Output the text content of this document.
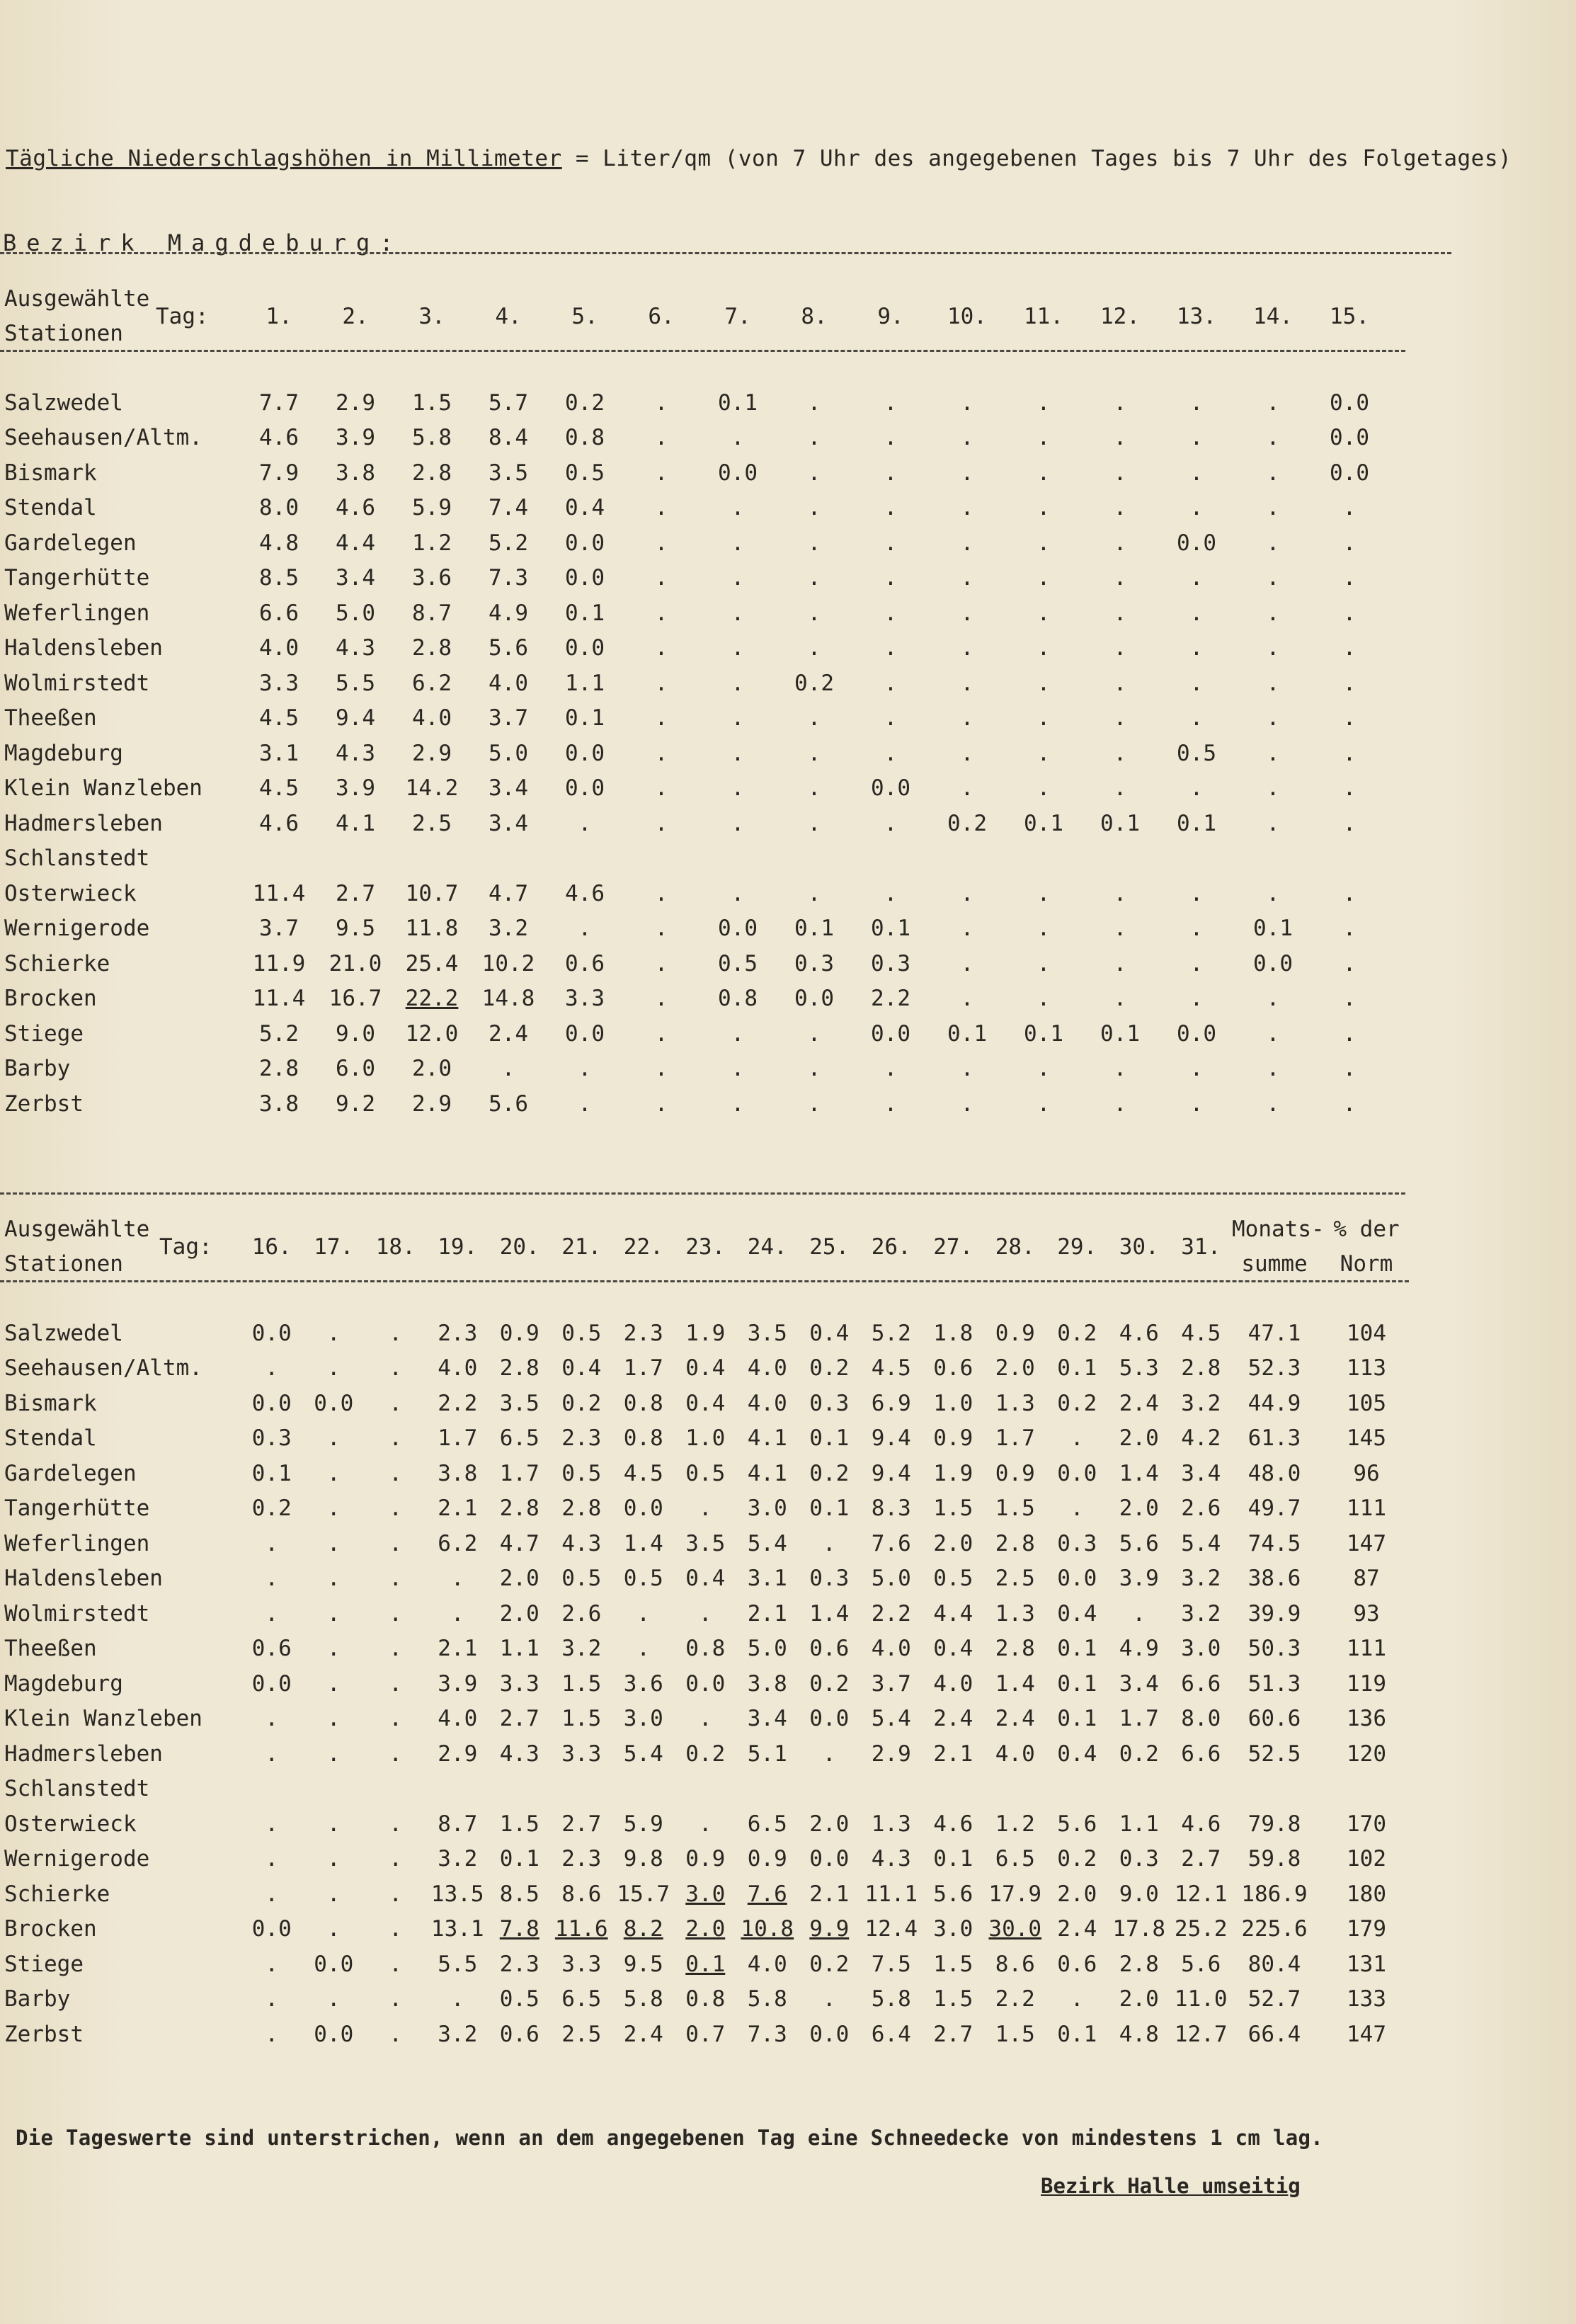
Tägliche Niederschlagshöhen in Millimeter = Liter/qm (von 7 Uhr des angegebenen Tages bis 7 Uhr des Folgetages)
Bezirk Magdeburg:
Ausgewählte	Tag:	1.	2.	3.	4.	5.	6.	7.	8.	9.	10.	11.	12.	13.	14.	15.
Stationen																

Salzwedel		7.7	2.9	1.5	5.7	0.2	.	0.1	.	.	.	.	.	.	.	0.0
Seehausen/Altm.		4.6	3.9	5.8	8.4	0.8	.	.	.	.	.	.	.	.	.	0.0
Bismark		7.9	3.8	2.8	3.5	0.5	.	0.0	.	.	.	.	.	.	.	0.0
Stendal		8.0	4.6	5.9	7.4	0.4	.	.	.	.	.	.	.	.	.	.
Gardelegen		4.8	4.4	1.2	5.2	0.0	.	.	.	.	.	.	.	0.0	.	.
Tangerhütte		8.5	3.4	3.6	7.3	0.0	.	.	.	.	.	.	.	.	.	.
Weferlingen		6.6	5.0	8.7	4.9	0.1	.	.	.	.	.	.	.	.	.	.
Haldensleben		4.0	4.3	2.8	5.6	0.0	.	.	.	.	.	.	.	.	.	.
Wolmirstedt		3.3	5.5	6.2	4.0	1.1	.	.	0.2	.	.	.	.	.	.	.
Theeßen		4.5	9.4	4.0	3.7	0.1	.	.	.	.	.	.	.	.	.	.
Magdeburg		3.1	4.3	2.9	5.0	0.0	.	.	.	.	.	.	.	0.5	.	.
Klein Wanzleben		4.5	3.9	14.2	3.4	0.0	.	.	.	0.0	.	.	.	.	.	.
Hadmersleben		4.6	4.1	2.5	3.4	.	.	.	.	.	0.2	0.1	0.1	0.1	.	.
Schlanstedt																
Osterwieck		11.4	2.7	10.7	4.7	4.6	.	.	.	.	.	.	.	.	.	.
Wernigerode		3.7	9.5	11.8	3.2	.	.	0.0	0.1	0.1	.	.	.	.	0.1	.
Schierke		11.9	21.0	25.4	10.2	0.6	.	0.5	0.3	0.3	.	.	.	.	0.0	.
Brocken		11.4	16.7	22.2	14.8	3.3	.	0.8	0.0	2.2	.	.	.	.	.	.
Stiege		5.2	9.0	12.0	2.4	0.0	.	.	.	0.0	0.1	0.1	0.1	0.0	.	.
Barby		2.8	6.0	2.0	.	.	.	.	.	.	.	.	.	.	.	.
Zerbst		3.8	9.2	2.9	5.6	.	.	.	.	.	.	.	.	.	.	.
Ausgewählte	Tag:	16.	17.	18.	19.	20.	21.	22.	23.	24.	25.	26.	27.	28.	29.	30.	31.	Monats-	% der
Stationen																		summe	Norm

Salzwedel		0.0	.	.	2.3	0.9	0.5	2.3	1.9	3.5	0.4	5.2	1.8	0.9	0.2	4.6	4.5	47.1	104
Seehausen/Altm.		.	.	.	4.0	2.8	0.4	1.7	0.4	4.0	0.2	4.5	0.6	2.0	0.1	5.3	2.8	52.3	113
Bismark		0.0	0.0	.	2.2	3.5	0.2	0.8	0.4	4.0	0.3	6.9	1.0	1.3	0.2	2.4	3.2	44.9	105
Stendal		0.3	.	.	1.7	6.5	2.3	0.8	1.0	4.1	0.1	9.4	0.9	1.7	.	2.0	4.2	61.3	145
Gardelegen		0.1	.	.	3.8	1.7	0.5	4.5	0.5	4.1	0.2	9.4	1.9	0.9	0.0	1.4	3.4	48.0	96
Tangerhütte		0.2	.	.	2.1	2.8	2.8	0.0	.	3.0	0.1	8.3	1.5	1.5	.	2.0	2.6	49.7	111
Weferlingen		.	.	.	6.2	4.7	4.3	1.4	3.5	5.4	.	7.6	2.0	2.8	0.3	5.6	5.4	74.5	147
Haldensleben		.	.	.	.	2.0	0.5	0.5	0.4	3.1	0.3	5.0	0.5	2.5	0.0	3.9	3.2	38.6	87
Wolmirstedt		.	.	.	.	2.0	2.6	.	.	2.1	1.4	2.2	4.4	1.3	0.4	.	3.2	39.9	93
Theeßen		0.6	.	.	2.1	1.1	3.2	.	0.8	5.0	0.6	4.0	0.4	2.8	0.1	4.9	3.0	50.3	111
Magdeburg		0.0	.	.	3.9	3.3	1.5	3.6	0.0	3.8	0.2	3.7	4.0	1.4	0.1	3.4	6.6	51.3	119
Klein Wanzleben		.	.	.	4.0	2.7	1.5	3.0	.	3.4	0.0	5.4	2.4	2.4	0.1	1.7	8.0	60.6	136
Hadmersleben		.	.	.	2.9	4.3	3.3	5.4	0.2	5.1	.	2.9	2.1	4.0	0.4	0.2	6.6	52.5	120
Schlanstedt																			
Osterwieck		.	.	.	8.7	1.5	2.7	5.9	.	6.5	2.0	1.3	4.6	1.2	5.6	1.1	4.6	79.8	170
Wernigerode		.	.	.	3.2	0.1	2.3	9.8	0.9	0.9	0.0	4.3	0.1	6.5	0.2	0.3	2.7	59.8	102
Schierke		.	.	.	13.5	8.5	8.6	15.7	3.0	7.6	2.1	11.1	5.6	17.9	2.0	9.0	12.1	186.9	180
Brocken		0.0	.	.	13.1	7.8	11.6	8.2	2.0	10.8	9.9	12.4	3.0	30.0	2.4	17.8	25.2	225.6	179
Stiege		.	0.0	.	5.5	2.3	3.3	9.5	0.1	4.0	0.2	7.5	1.5	8.6	0.6	2.8	5.6	80.4	131
Barby		.	.	.	.	0.5	6.5	5.8	0.8	5.8	.	5.8	1.5	2.2	.	2.0	11.0	52.7	133
Zerbst		.	0.0	.	3.2	0.6	2.5	2.4	0.7	7.3	0.0	6.4	2.7	1.5	0.1	4.8	12.7	66.4	147
Die Tageswerte sind unterstrichen, wenn an dem angegebenen Tag eine Schneedecke von mindestens 1 cm lag.
Bezirk Halle umseitig
